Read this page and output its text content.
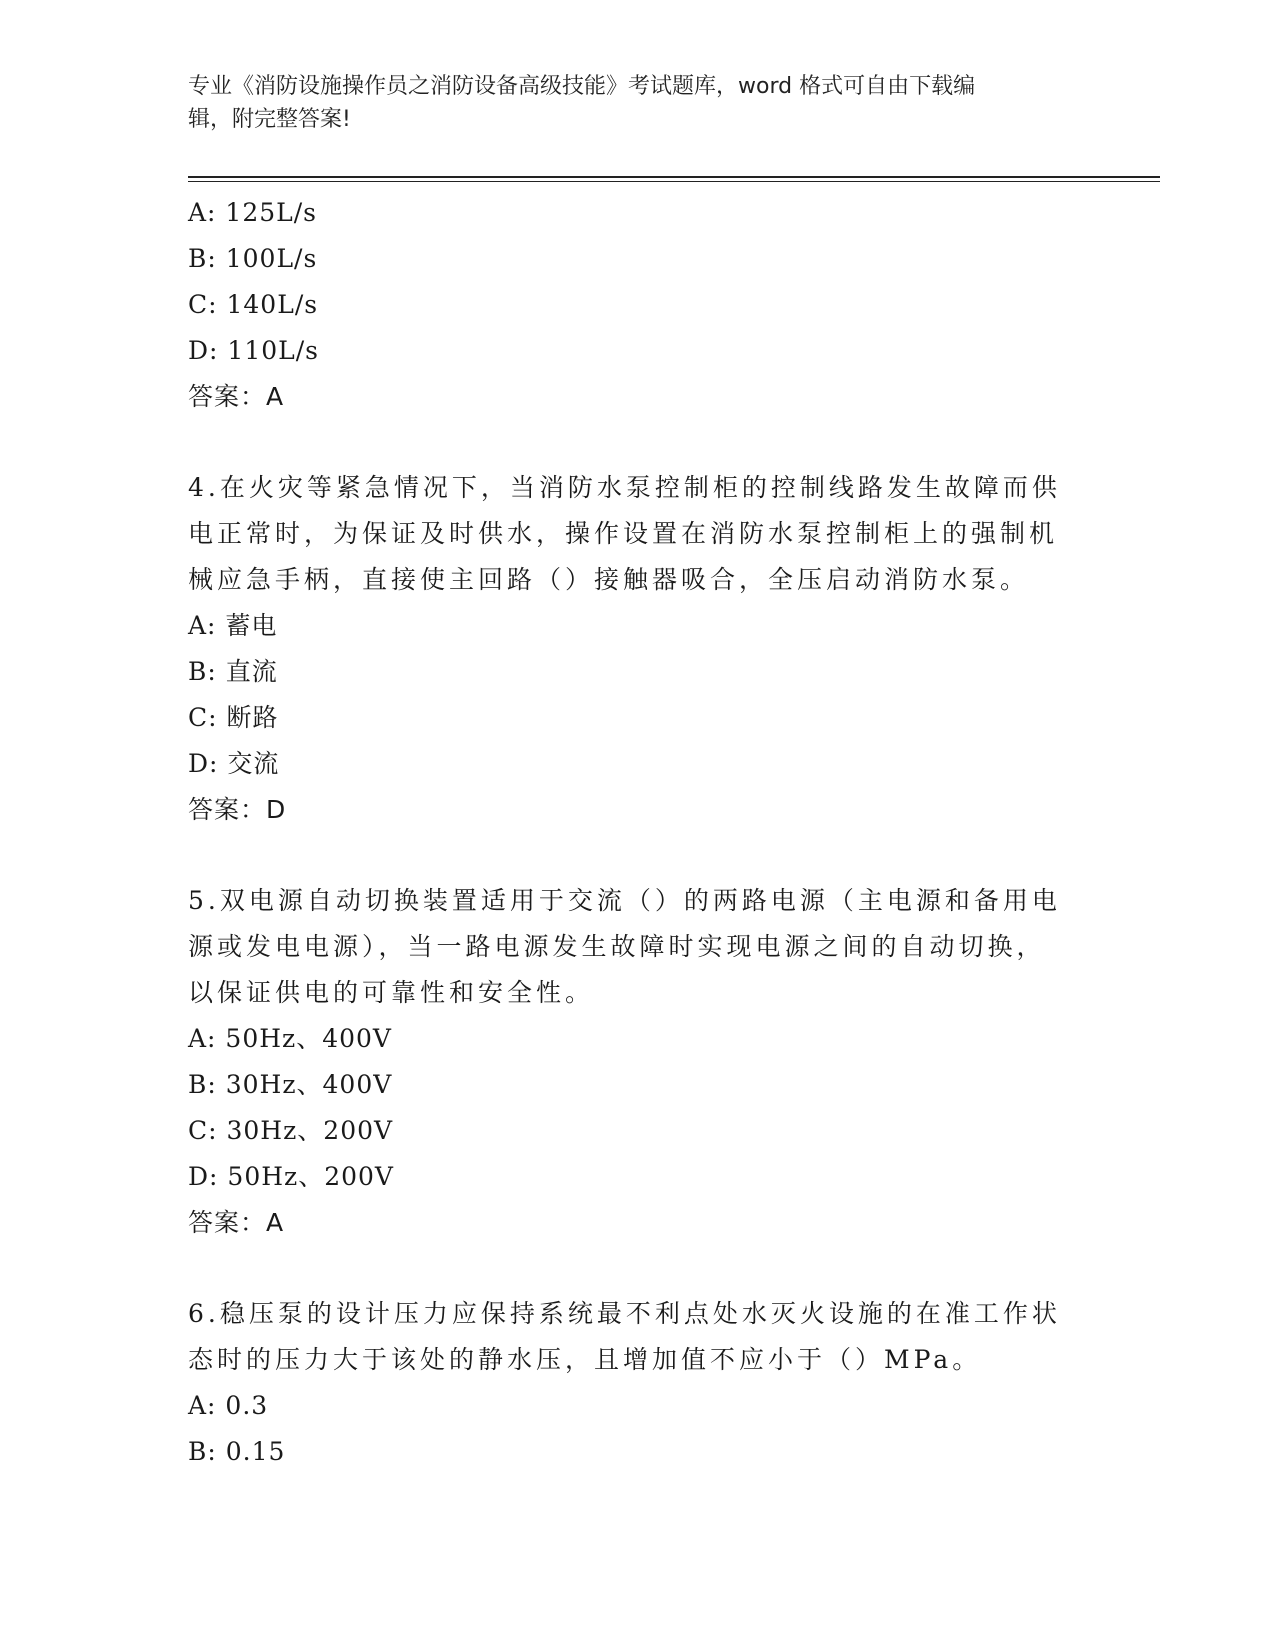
专业《消防设施操作员之消防设备高级技能》考试题库，word 格式可自由下载编
辑，附完整答案!
A: 125L/s
B: 100L/s
C: 140L/s
D: 110L/s
答案：A
4.在火灾等紧急情况下，当消防水泵控制柜的控制线路发生故障而供
电正常时，为保证及时供水，操作设置在消防水泵控制柜上的强制机
械应急手柄，直接使主回路（）接触器吸合，全压启动消防水泵。
A: 蓄电
B: 直流
C: 断路
D: 交流
答案：D
5.双电源自动切换装置适用于交流（）的两路电源（主电源和备用电
源或发电电源），当一路电源发生故障时实现电源之间的自动切换，
以保证供电的可靠性和安全性。
A: 50Hz、400V
B: 30Hz、400V
C: 30Hz、200V
D: 50Hz、200V
答案：A
6.稳压泵的设计压力应保持系统最不利点处水灭火设施的在准工作状
态时的压力大于该处的静水压，且增加值不应小于（）MPa。
A: 0.3
B: 0.15
